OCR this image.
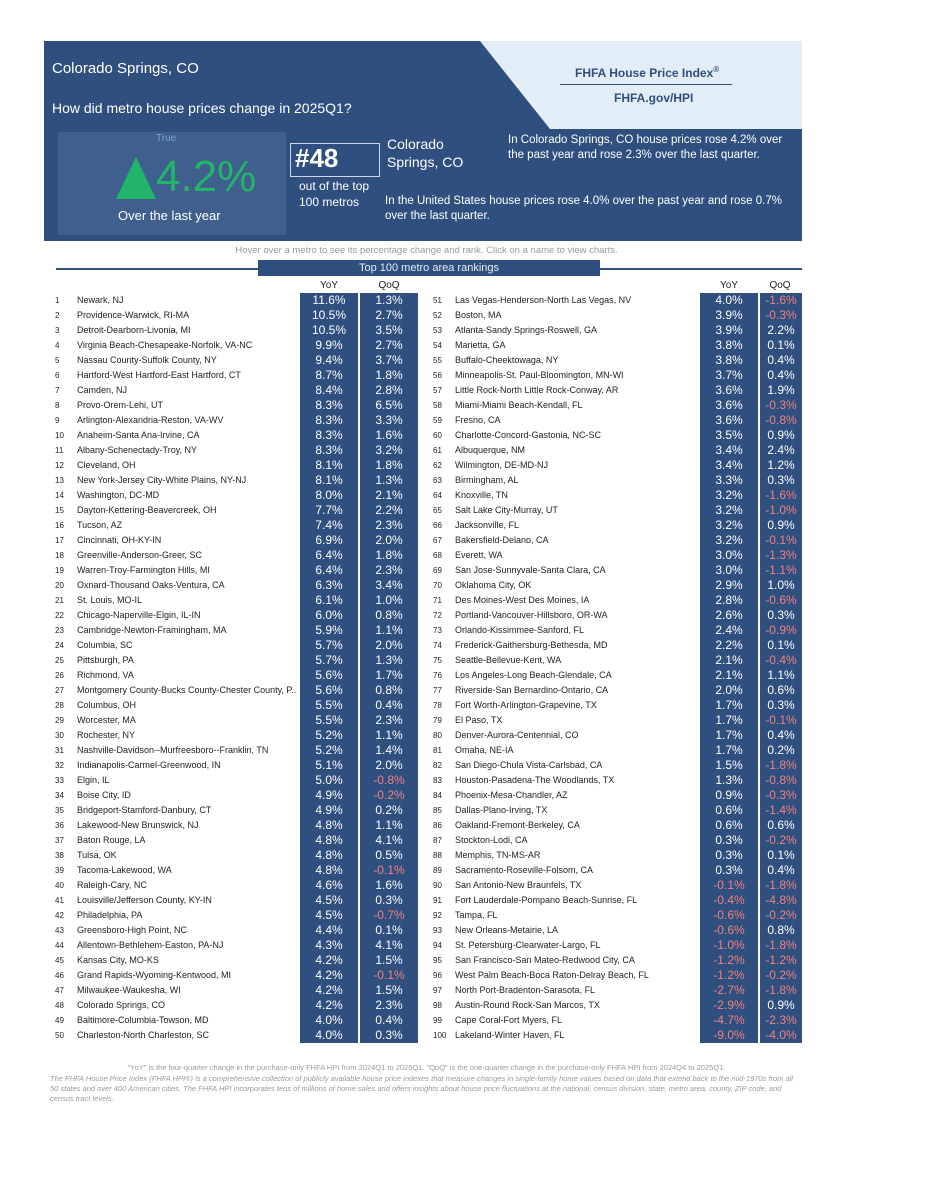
Colorado Springs, CO
How did metro house prices change in 2025Q1?
FHFA House Price Index®
FHFA.gov/HPI
True
4.2%
Over the last year
#48
out of the top 100 metros
Colorado Springs, CO
In Colorado Springs, CO house prices rose 4.2% over the past year and rose 2.3% over the last quarter.
In the United States house prices rose 4.0% over the past year and rose 0.7% over the last quarter.
Hover over a metro to see its percentage change and rank. Click on a name to view charts.
Top 100 metro area rankings
YoY	QoQ	YoY	QoQ
1	Newark, NJ	11.6%	1.3%
2	Providence-Warwick, RI-MA	10.5%	2.7%
3	Detroit-Dearborn-Livonia, MI	10.5%	3.5%
4	Virginia Beach-Chesapeake-Norfolk, VA-NC	9.9%	2.7%
5	Nassau County-Suffolk County, NY	9.4%	3.7%
6	Hartford-West Hartford-East Hartford, CT	8.7%	1.8%
7	Camden, NJ	8.4%	2.8%
8	Provo-Orem-Lehi, UT	8.3%	6.5%
9	Arlington-Alexandria-Reston, VA-WV	8.3%	3.3%
10	Anaheim-Santa Ana-Irvine, CA	8.3%	1.6%
11	Albany-Schenectady-Troy, NY	8.3%	3.2%
12	Cleveland, OH	8.1%	1.8%
13	New York-Jersey City-White Plains, NY-NJ	8.1%	1.3%
14	Washington, DC-MD	8.0%	2.1%
15	Dayton-Kettering-Beavercreek, OH	7.7%	2.2%
16	Tucson, AZ	7.4%	2.3%
17	Cincinnati, OH-KY-IN	6.9%	2.0%
18	Greenville-Anderson-Greer, SC	6.4%	1.8%
19	Warren-Troy-Farmington Hills, MI	6.4%	2.3%
20	Oxnard-Thousand Oaks-Ventura, CA	6.3%	3.4%
21	St. Louis, MO-IL	6.1%	1.0%
22	Chicago-Naperville-Elgin, IL-IN	6.0%	0.8%
23	Cambridge-Newton-Framingham, MA	5.9%	1.1%
24	Columbia, SC	5.7%	2.0%
25	Pittsburgh, PA	5.7%	1.3%
26	Richmond, VA	5.6%	1.7%
27	Montgomery County-Bucks County-Chester County, P..	5.6%	0.8%
28	Columbus, OH	5.5%	0.4%
29	Worcester, MA	5.5%	2.3%
30	Rochester, NY	5.2%	1.1%
31	Nashville-Davidson--Murfreesboro--Franklin, TN	5.2%	1.4%
32	Indianapolis-Carmel-Greenwood, IN	5.1%	2.0%
33	Elgin, IL	5.0%	-0.8%
34	Boise City, ID	4.9%	-0.2%
35	Bridgeport-Stamford-Danbury, CT	4.9%	0.2%
36	Lakewood-New Brunswick, NJ	4.8%	1.1%
37	Baton Rouge, LA	4.8%	4.1%
38	Tulsa, OK	4.8%	0.5%
39	Tacoma-Lakewood, WA	4.8%	-0.1%
40	Raleigh-Cary, NC	4.6%	1.6%
41	Louisville/Jefferson County, KY-IN	4.5%	0.3%
42	Philadelphia, PA	4.5%	-0.7%
43	Greensboro-High Point, NC	4.4%	0.1%
44	Allentown-Bethlehem-Easton, PA-NJ	4.3%	4.1%
45	Kansas City, MO-KS	4.2%	1.5%
46	Grand Rapids-Wyoming-Kentwood, MI	4.2%	-0.1%
47	Milwaukee-Waukesha, WI	4.2%	1.5%
48	Colorado Springs, CO	4.2%	2.3%
49	Baltimore-Columbia-Towson, MD	4.0%	0.4%
50	Charleston-North Charleston, SC	4.0%	0.3%
51	Las Vegas-Henderson-North Las Vegas, NV	4.0%	-1.6%
52	Boston, MA	3.9%	-0.3%
53	Atlanta-Sandy Springs-Roswell, GA	3.9%	2.2%
54	Marietta, GA	3.8%	0.1%
55	Buffalo-Cheektowaga, NY	3.8%	0.4%
56	Minneapolis-St. Paul-Bloomington, MN-WI	3.7%	0.4%
57	Little Rock-North Little Rock-Conway, AR	3.6%	1.9%
58	Miami-Miami Beach-Kendall, FL	3.6%	-0.3%
59	Fresno, CA	3.6%	-0.8%
60	Charlotte-Concord-Gastonia, NC-SC	3.5%	0.9%
61	Albuquerque, NM	3.4%	2.4%
62	Wilmington, DE-MD-NJ	3.4%	1.2%
63	Birmingham, AL	3.3%	0.3%
64	Knoxville, TN	3.2%	-1.6%
65	Salt Lake City-Murray, UT	3.2%	-1.0%
66	Jacksonville, FL	3.2%	0.9%
67	Bakersfield-Delano, CA	3.2%	-0.1%
68	Everett, WA	3.0%	-1.3%
69	San Jose-Sunnyvale-Santa Clara, CA	3.0%	-1.1%
70	Oklahoma City, OK	2.9%	1.0%
71	Des Moines-West Des Moines, IA	2.8%	-0.6%
72	Portland-Vancouver-Hillsboro, OR-WA	2.6%	0.3%
73	Orlando-Kissimmee-Sanford, FL	2.4%	-0.9%
74	Frederick-Gaithersburg-Bethesda, MD	2.2%	0.1%
75	Seattle-Bellevue-Kent, WA	2.1%	-0.4%
76	Los Angeles-Long Beach-Glendale, CA	2.1%	1.1%
77	Riverside-San Bernardino-Ontario, CA	2.0%	0.6%
78	Fort Worth-Arlington-Grapevine, TX	1.7%	0.3%
79	El Paso, TX	1.7%	-0.1%
80	Denver-Aurora-Centennial, CO	1.7%	0.4%
81	Omaha, NE-IA	1.7%	0.2%
82	San Diego-Chula Vista-Carlsbad, CA	1.5%	-1.8%
83	Houston-Pasadena-The Woodlands, TX	1.3%	-0.8%
84	Phoenix-Mesa-Chandler, AZ	0.9%	-0.3%
85	Dallas-Plano-Irving, TX	0.6%	-1.4%
86	Oakland-Fremont-Berkeley, CA	0.6%	0.6%
87	Stockton-Lodi, CA	0.3%	-0.2%
88	Memphis, TN-MS-AR	0.3%	0.1%
89	Sacramento-Roseville-Folsom, CA	0.3%	0.4%
90	San Antonio-New Braunfels, TX	-0.1%	-1.8%
91	Fort Lauderdale-Pompano Beach-Sunrise, FL	-0.4%	-4.8%
92	Tampa, FL	-0.6%	-0.2%
93	New Orleans-Metairie, LA	-0.6%	0.8%
94	St. Petersburg-Clearwater-Largo, FL	-1.0%	-1.8%
95	San Francisco-San Mateo-Redwood City, CA	-1.2%	-1.2%
96	West Palm Beach-Boca Raton-Delray Beach, FL	-1.2%	-0.2%
97	North Port-Bradenton-Sarasota, FL	-2.7%	-1.8%
98	Austin-Round Rock-San Marcos, TX	-2.9%	0.9%
99	Cape Coral-Fort Myers, FL	-4.7%	-2.3%
100 Lakeland-Winter Haven, FL	-9.0%	-4.0%
"YoY" is the four-quarter change in the purchase-only FHFA HPI from 2024Q1 to 2025Q1. "QoQ" is the one-quarter change in the purchase-only FHFA HPI from 2024Q4 to 2025Q1.
The FHFA House Price Index (FHFA HPI®) is a comprehensive collection of publicly available house price indexes that measure changes in single-family home values based on data that extend back to the mid-1970s from all 50 states and over 400 American cities. The FHFA HPI incorporates tens of millions of home sales and offers insights about house price fluctuations at the national, census division, state, metro area, county, ZIP code, and census tract levels.
